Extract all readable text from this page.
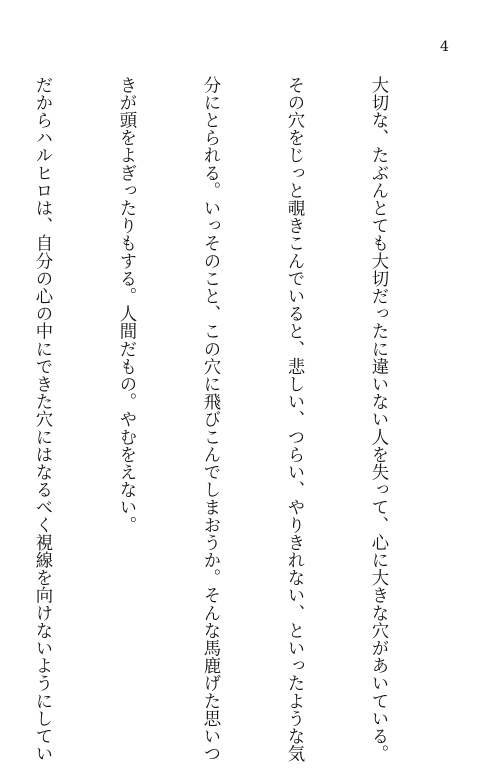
4

大切な、たぶんとても大切だったに違いない人を失って、心に大きな穴があいている。

その穴をじっと覗きこんでいると、悲しい、つらい、やりきれない、といったような気

分にとられる。いっそのこと、この穴に飛びこんでしまおうか。そんな馬鹿げた思いつ

きが頭をよぎったりもする。人間だもの。やむをえない。

だからハルヒロは、自分の心の中にできた穴にはなるべく視線を向けないようにしてい
